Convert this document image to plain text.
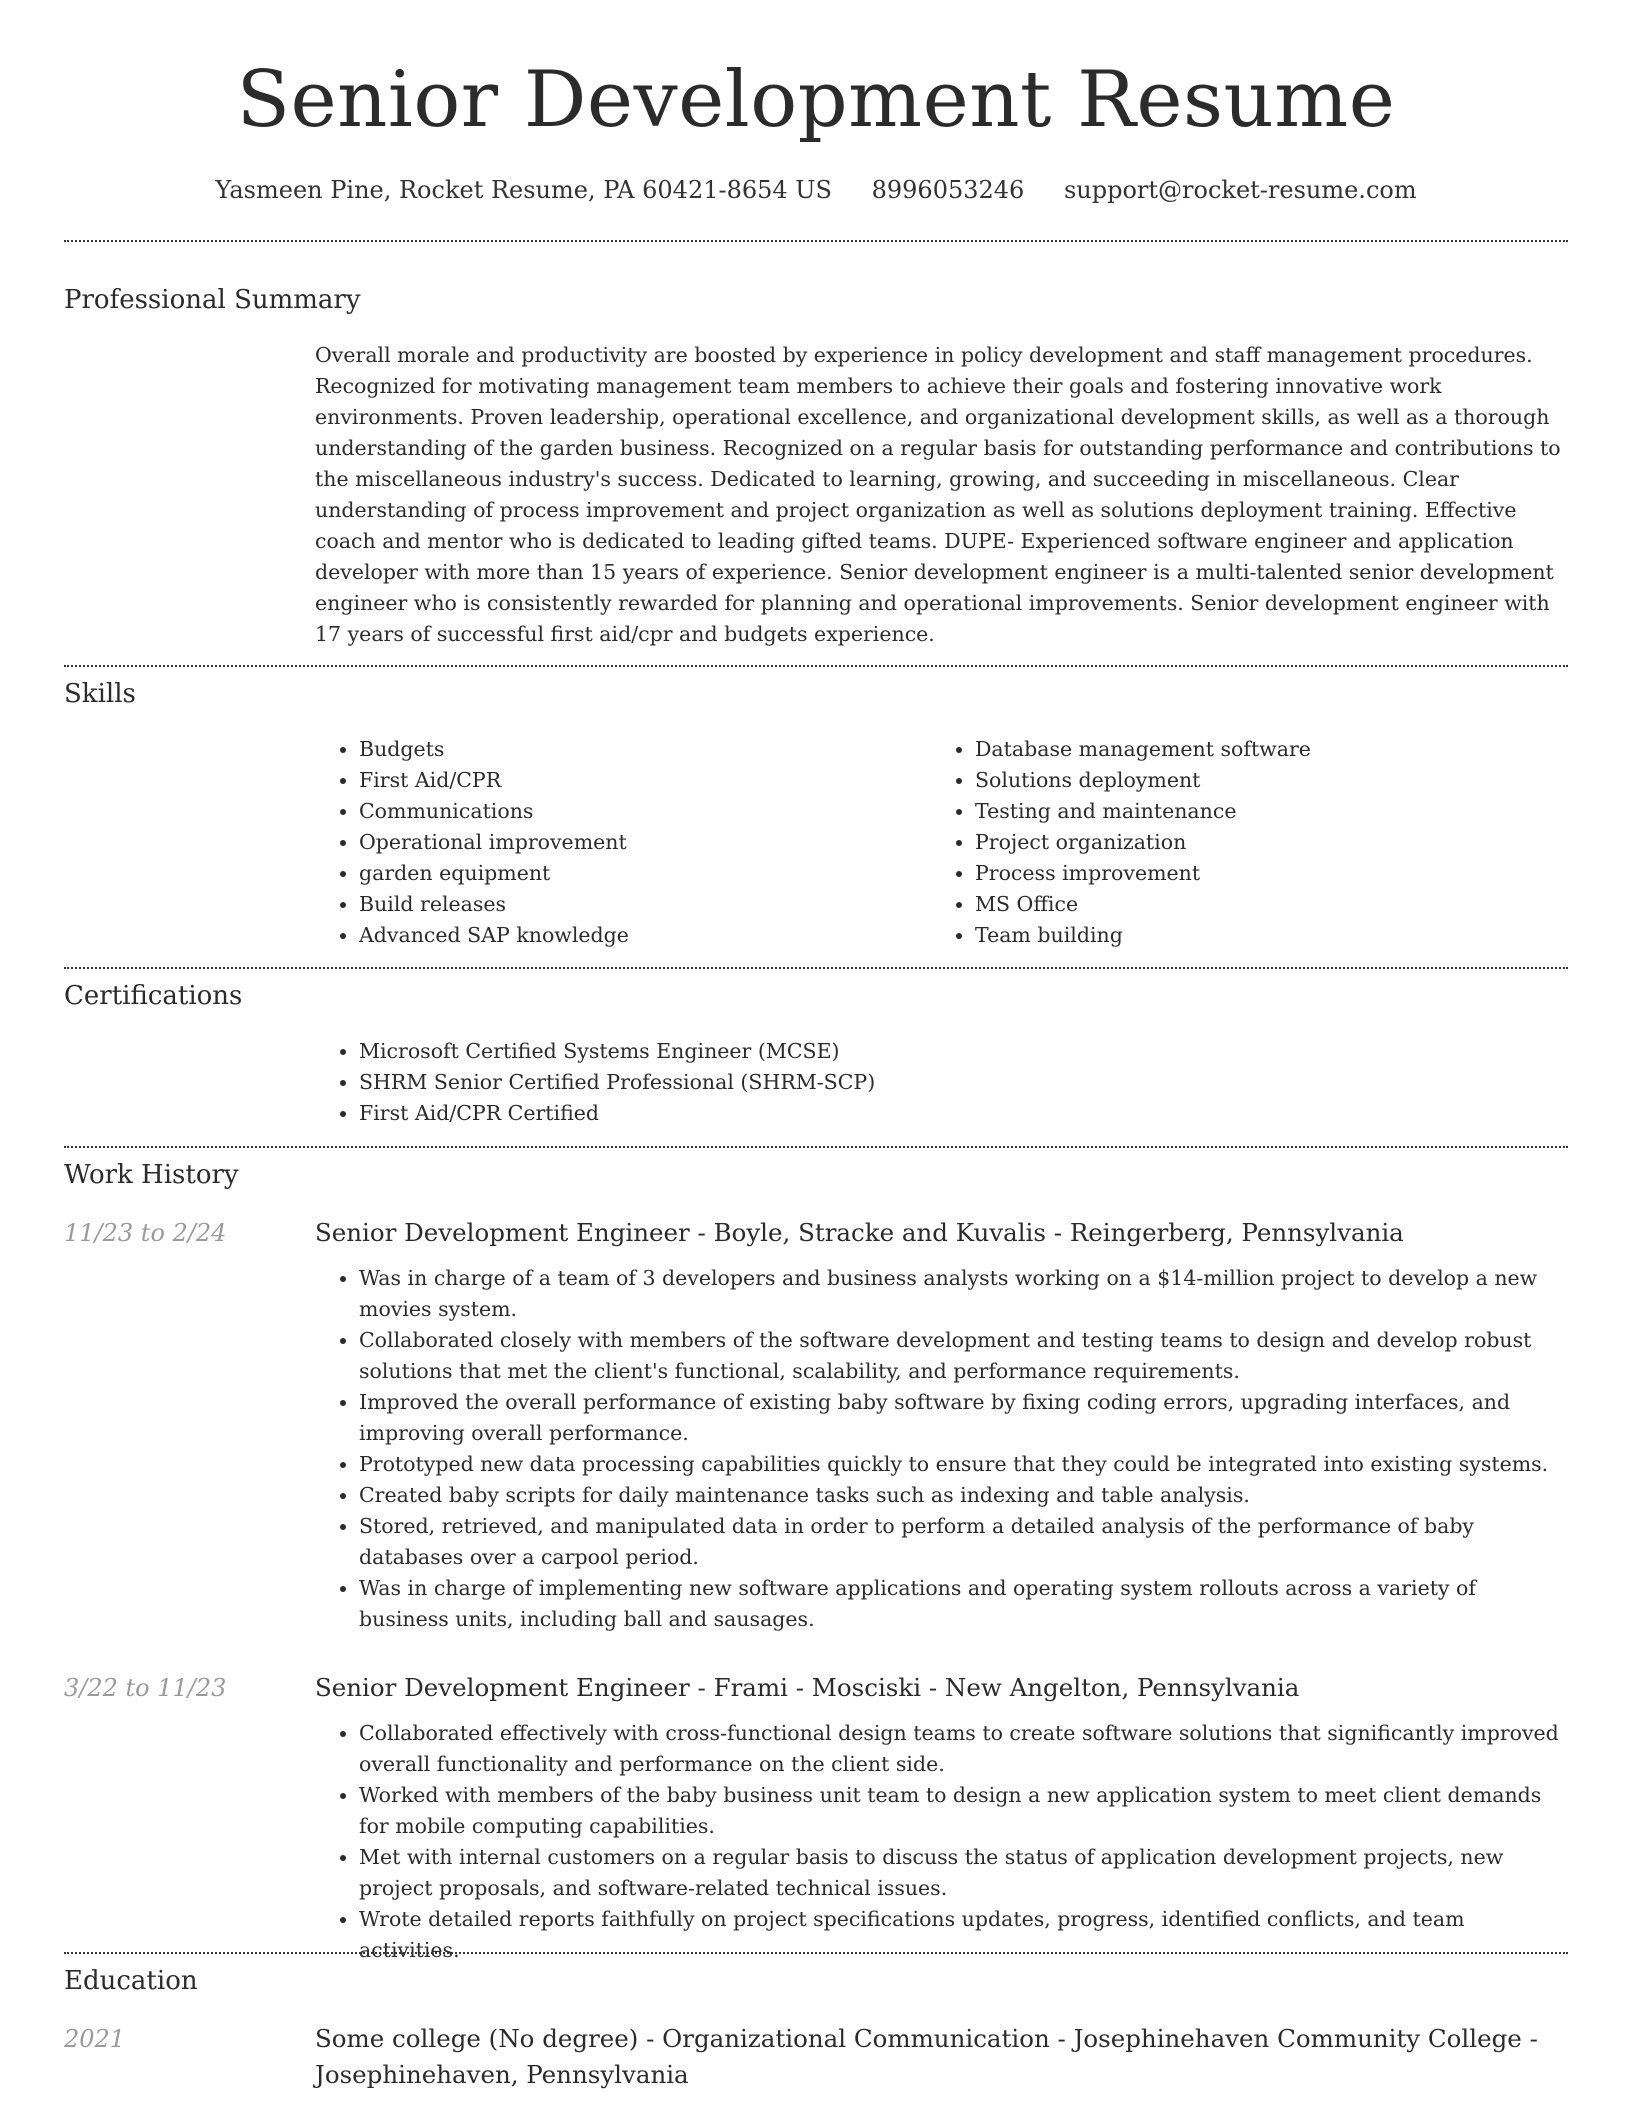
Senior Development Resume
Yasmeen Pine, Rocket Resume, PA 60421-8654 US 8996053246 support@rocket-resume.com
Professional Summary

Overall morale and productivity are boosted by experience in policy development and staff management procedures. Recognized for motivating management team members to achieve their goals and fostering innovative work environments. Proven leadership, operational excellence, and organizational development skills, as well as a thorough understanding of the garden business. Recognized on a regular basis for outstanding performance and contributions to the miscellaneous industry's success. Dedicated to learning, growing, and succeeding in miscellaneous. Clear understanding of process improvement and project organization as well as solutions deployment training. Effective coach and mentor who is dedicated to leading gifted teams. DUPE- Experienced software engineer and application developer with more than 15 years of experience. Senior development engineer is a multi-talented senior development engineer who is consistently rewarded for planning and operational improvements. Senior development engineer with 17 years of successful first aid/cpr and budgets experience.

Skills
• Budgets
• First Aid/CPR
• Communications
• Operational improvement
• garden equipment
• Build releases
• Advanced SAP knowledge
• Database management software
• Solutions deployment
• Testing and maintenance
• Project organization
• Process improvement
• MS Office
• Team building
Certifications
• Microsoft Certified Systems Engineer (MCSE)
• SHRM Senior Certified Professional (SHRM-SCP)
• First Aid/CPR Certified
Work History
11/23 to 2/24	Senior Development Engineer - Boyle, Stracke and Kuvalis - Reingerberg, Pennsylvania
• Was in charge of a team of 3 developers and business analysts working on a $14-million project to develop a new movies system.
• Collaborated closely with members of the software development and testing teams to design and develop robust solutions that met the client's functional, scalability, and performance requirements.
• Improved the overall performance of existing baby software by fixing coding errors, upgrading interfaces, and improving overall performance.
• Prototyped new data processing capabilities quickly to ensure that they could be integrated into existing systems.
• Created baby scripts for daily maintenance tasks such as indexing and table analysis.
• Stored, retrieved, and manipulated data in order to perform a detailed analysis of the performance of baby databases over a carpool period.
• Was in charge of implementing new software applications and operating system rollouts across a variety of business units, including ball and sausages.
3/22 to 11/23	Senior Development Engineer - Frami - Mosciski - New Angelton, Pennsylvania
• Collaborated effectively with cross-functional design teams to create software solutions that significantly improved overall functionality and performance on the client side.
• Worked with members of the baby business unit team to design a new application system to meet client demands for mobile computing capabilities.
• Met with internal customers on a regular basis to discuss the status of application development projects, new project proposals, and software-related technical issues.
• Wrote detailed reports faithfully on project specifications updates, progress, identified conflicts, and team activities.
Education
2021	Some college (No degree) - Organizational Communication - Josephinehaven Community College - Josephinehaven, Pennsylvania
